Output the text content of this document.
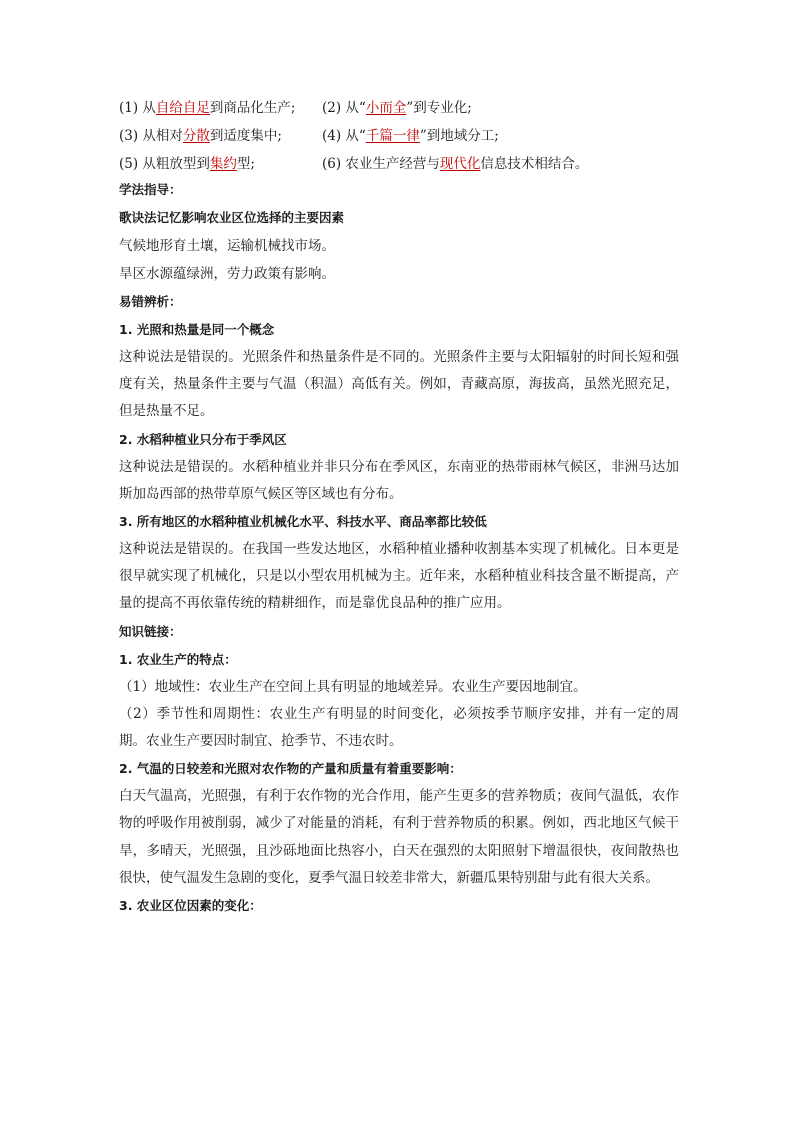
(1) 从自给自足到商品化生产;	(2) 从“小而全”到专业化;
(3) 从相对分散到适度集中;	(4) 从“千篇一律”到地域分工;
(5) 从粗放型到集约型;	(6) 农业生产经营与现代化信息技术相结合。
学法指导：
歌诀法记忆影响农业区位选择的主要因素
气候地形育土壤，运输机械找市场。
旱区水源蕴绿洲，劳力政策有影响。
易错辨析：
1. 光照和热量是同一个概念

这种说法是错误的。光照条件和热量条件是不同的。光照条件主要与太阳辐射的时间长短和强度有关，热量条件主要与气温（积温）高低有关。例如，青藏高原，海拔高，虽然光照充足，但是热量不足。

2. 水稻种植业只分布于季风区

这种说法是错误的。水稻种植业并非只分布在季风区，东南亚的热带雨林气候区，非洲马达加斯加岛西部的热带草原气候区等区域也有分布。

3. 所有地区的水稻种植业机械化水平、科技水平、商品率都比较低

这种说法是错误的。在我国一些发达地区，水稻种植业播种收割基本实现了机械化。日本更是很早就实现了机械化，只是以小型农用机械为主。近年来，水稻种植业科技含量不断提高，产量的提高不再依靠传统的精耕细作，而是靠优良品种的推广应用。

知识链接：
1. 农业生产的特点：

（1）地域性：农业生产在空间上具有明显的地域差异。农业生产要因地制宜。

（2）季节性和周期性：农业生产有明显的时间变化，必须按季节顺序安排，并有一定的周期。农业生产要因时制宜、抢季节、不违农时。

2. 气温的日较差和光照对农作物的产量和质量有着重要影响：

白天气温高，光照强，有利于农作物的光合作用，能产生更多的营养物质；夜间气温低，农作物的呼吸作用被削弱，减少了对能量的消耗，有利于营养物质的积累。例如，西北地区气候干旱，多晴天，光照强，且沙砾地面比热容小，白天在强烈的太阳照射下增温很快，夜间散热也很快，使气温发生急剧的变化，夏季气温日较差非常大，新疆瓜果特别甜与此有很大关系。

3. 农业区位因素的变化：
